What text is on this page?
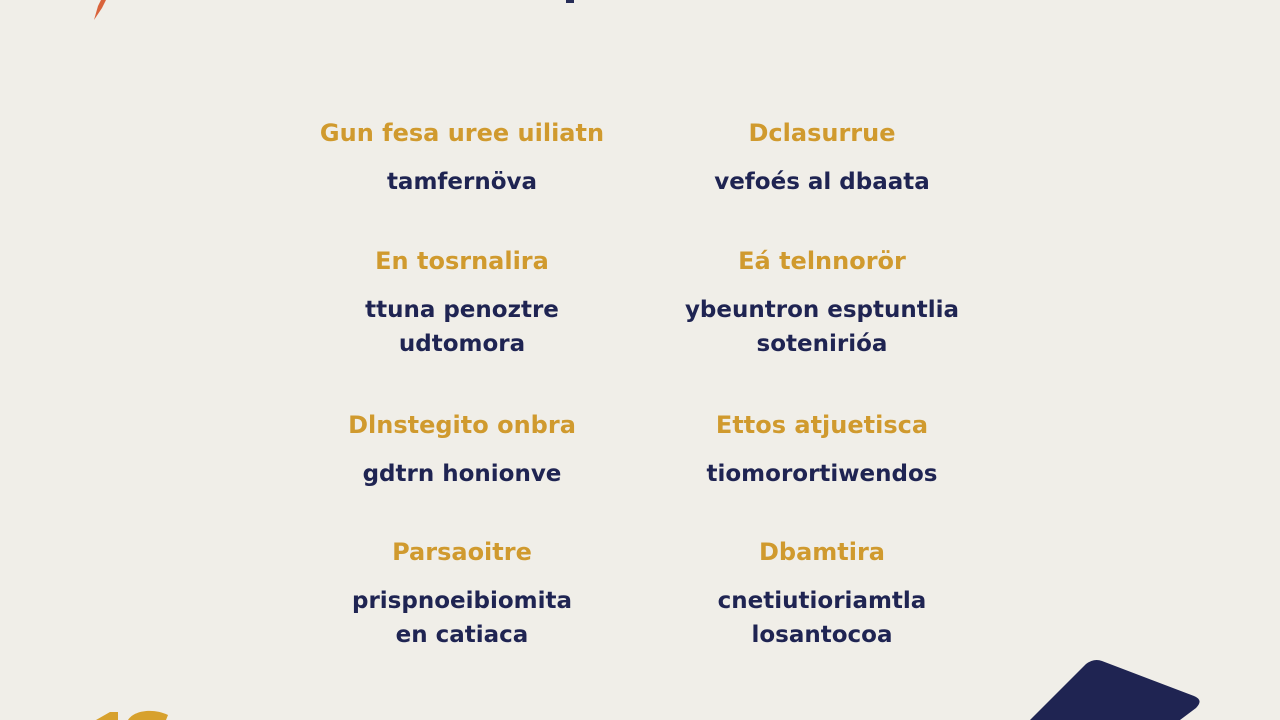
Gun fesa uree uiliatn
tamfernöva
Dclasurrue
vefoés al dbaata
En tosrnalira
ttuna penoztre
udtomora
Eá telnnorör
ybeuntron esptuntlia
sotenirióa
Dlnstegito onbra
gdtrn honionve
Ettos atjuetisca
tiomorortiwendos
Parsaoitre
prispnoeibiomita
en catiaca
Dbamtira
cnetiutioriamtla
losantocoa
